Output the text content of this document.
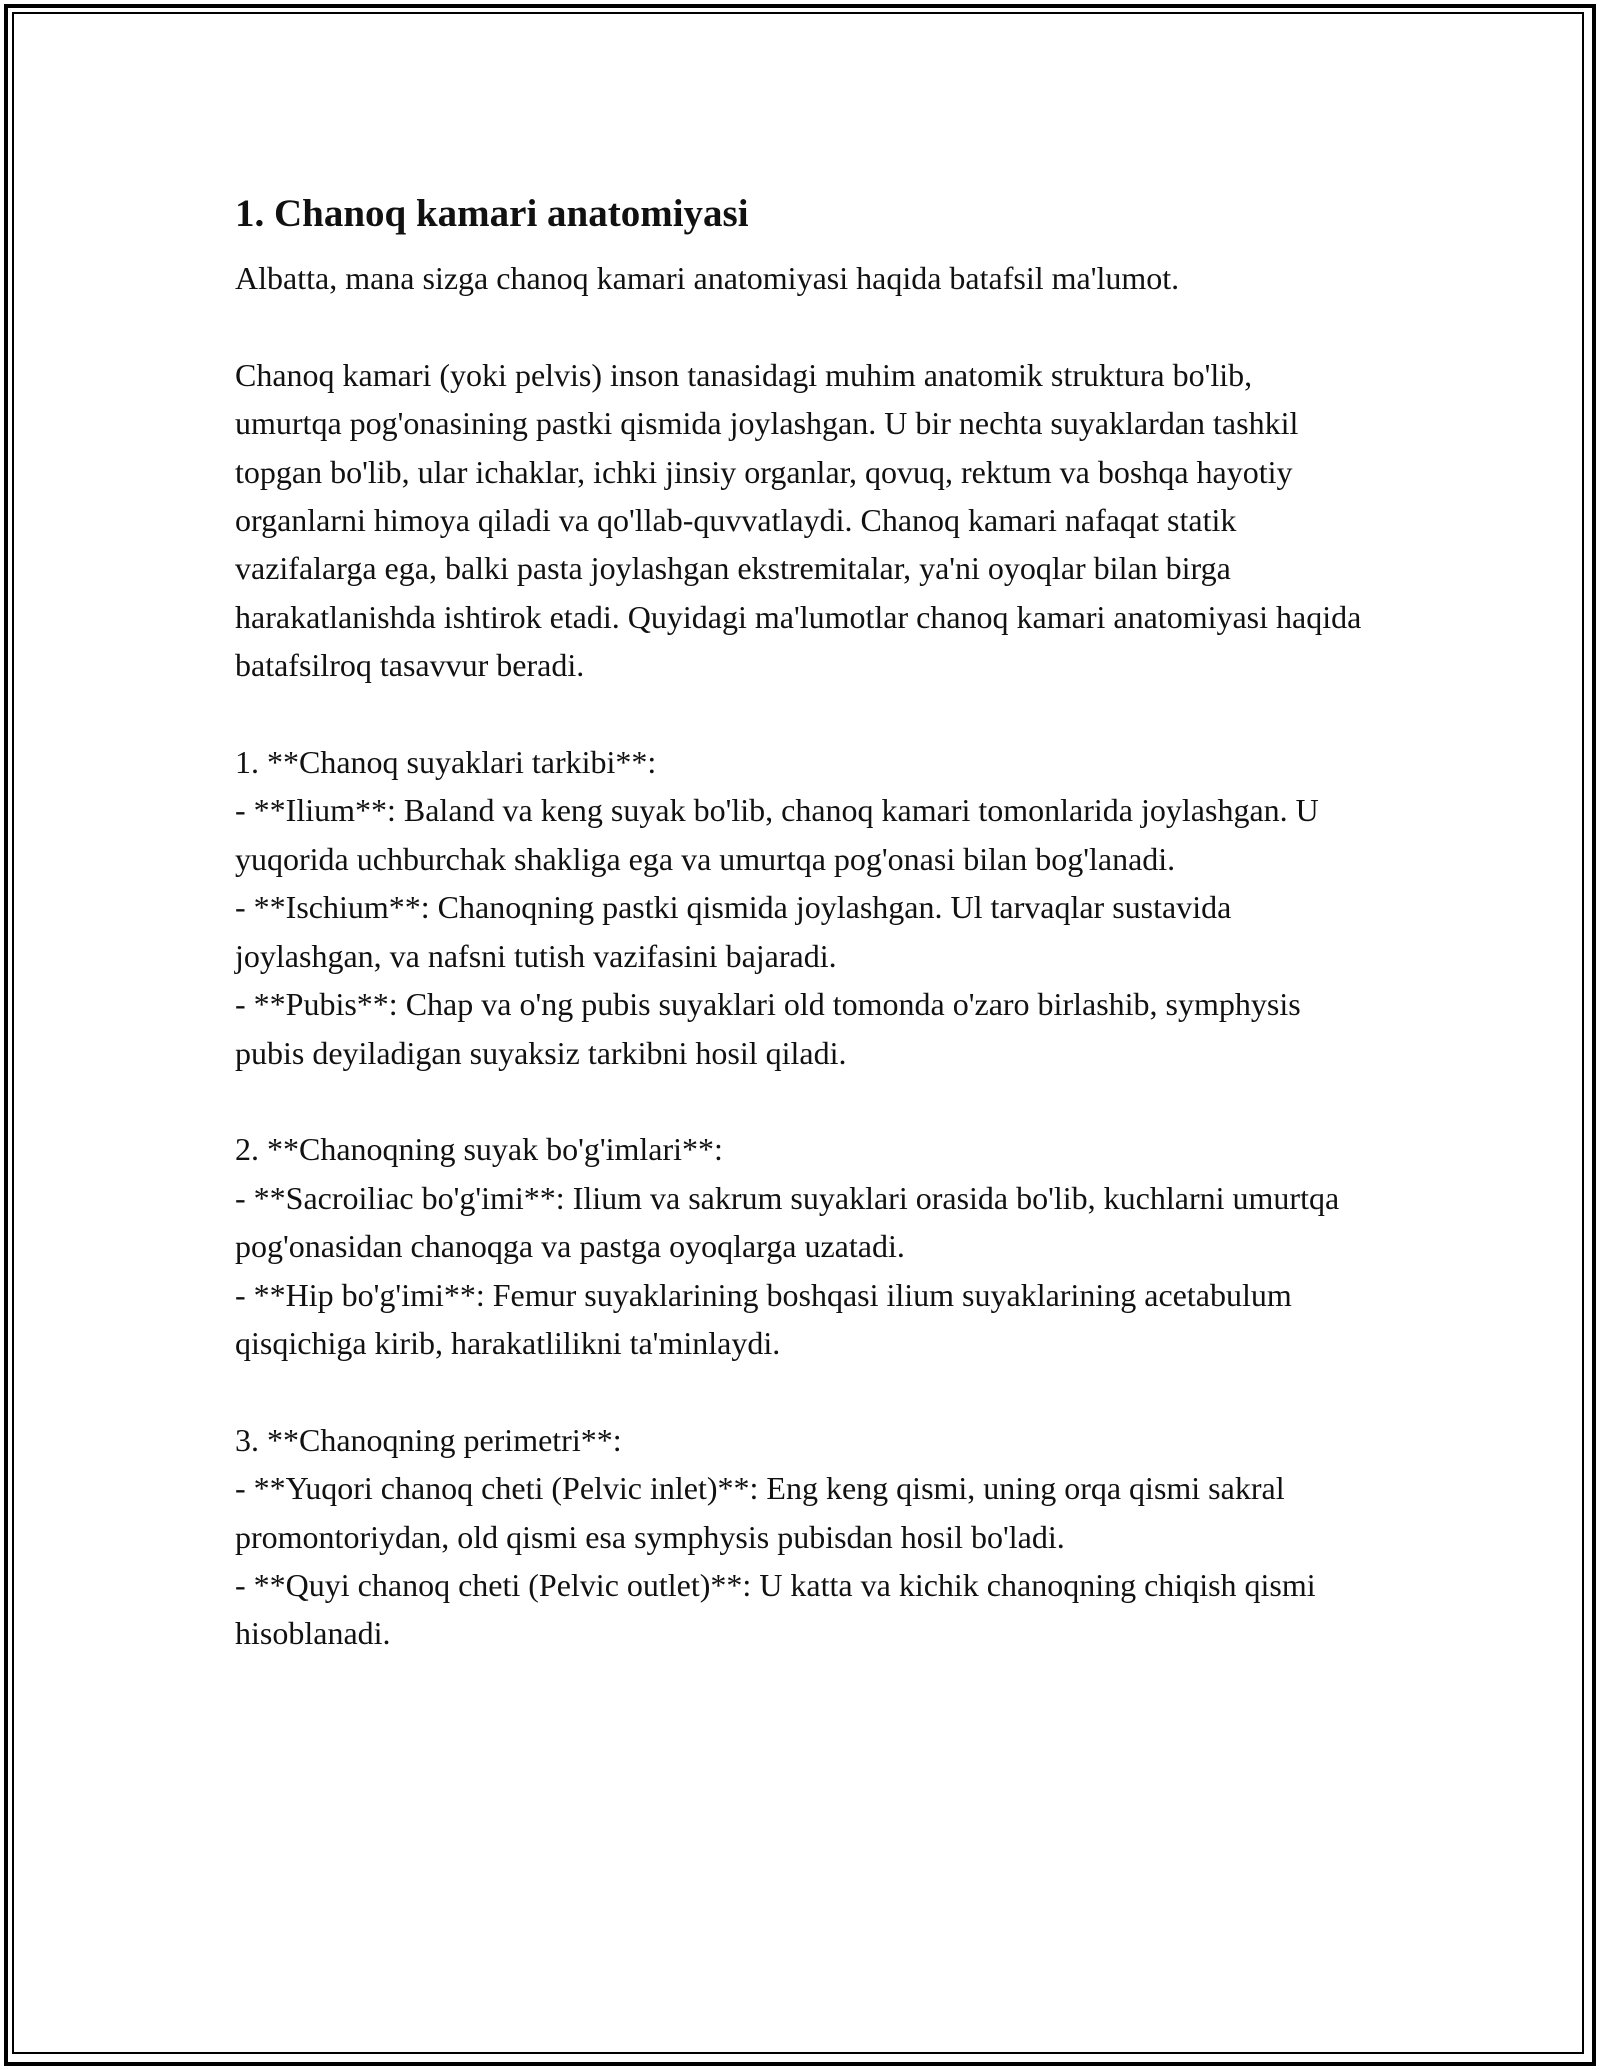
1. Chanoq kamari anatomiyasi
Albatta, mana sizga chanoq kamari anatomiyasi haqida batafsil ma'lumot.

Chanoq kamari (yoki pelvis) inson tanasidagi muhim anatomik struktura bo'lib, umurtqa pog'onasining pastki qismida joylashgan. U bir nechta suyaklardan tashkil topgan bo'lib, ular ichaklar, ichki jinsiy organlar, qovuq, rektum va boshqa hayotiy organlarni himoya qiladi va qo'llab-quvvatlaydi. Chanoq kamari nafaqat statik vazifalarga ega, balki pasta joylashgan ekstremitalar, ya'ni oyoqlar bilan birga harakatlanishda ishtirok etadi. Quyidagi ma'lumotlar chanoq kamari anatomiyasi haqida batafsilroq tasavvur beradi.

1. **Chanoq suyaklari tarkibi**:
- **Ilium**: Baland va keng suyak bo'lib, chanoq kamari tomonlarida joylashgan. U yuqorida uchburchak shakliga ega va umurtqa pog'onasi bilan bog'lanadi.
- **Ischium**: Chanoqning pastki qismida joylashgan. Ul tarvaqlar sustavida joylashgan, va nafsni tutish vazifasini bajaradi.
- **Pubis**: Chap va o'ng pubis suyaklari old tomonda o'zaro birlashib, symphysis pubis deyiladigan suyaksiz tarkibni hosil qiladi.

2. **Chanoqning suyak bo'g'imlari**:
- **Sacroiliac bo'g'imi**: Ilium va sakrum suyaklari orasida bo'lib, kuchlarni umurtqa pog'onasidan chanoqga va pastga oyoqlarga uzatadi.
- **Hip bo'g'imi**: Femur suyaklarining boshqasi ilium suyaklarining acetabulum qisqichiga kirib, harakatlilikni ta'minlaydi.

3. **Chanoqning perimetri**:
- **Yuqori chanoq cheti (Pelvic inlet)**: Eng keng qismi, uning orqa qismi sakral promontoriydan, old qismi esa symphysis pubisdan hosil bo'ladi.
- **Quyi chanoq cheti (Pelvic outlet)**: U katta va kichik chanoqning chiqish qismi hisoblanadi.
